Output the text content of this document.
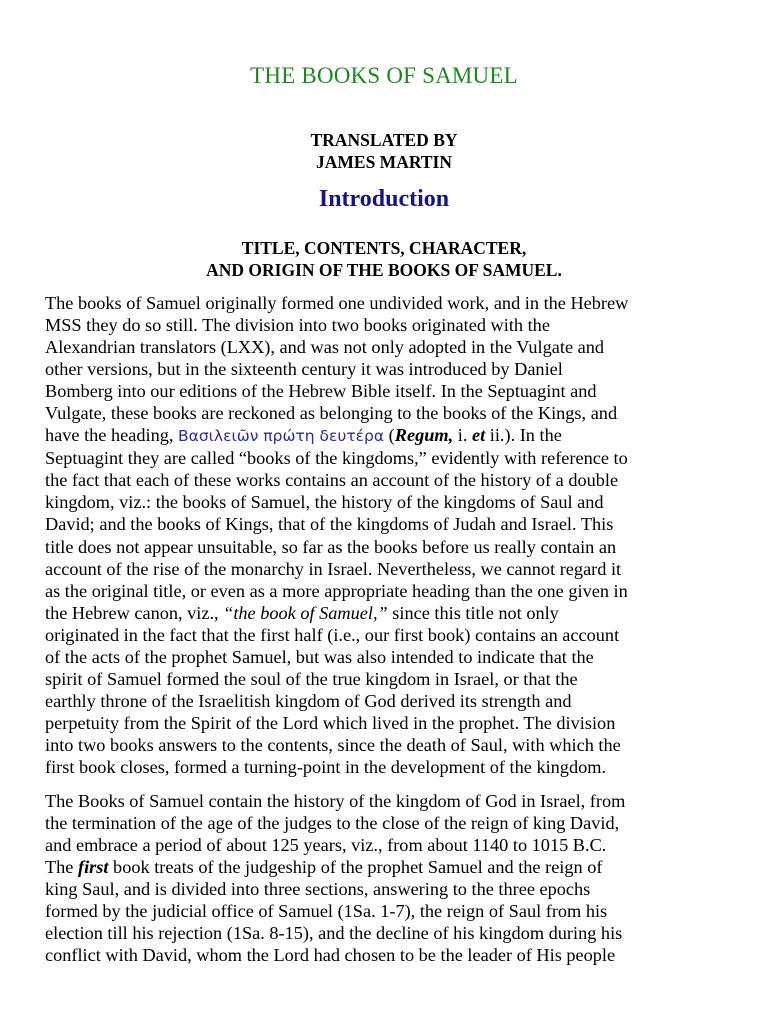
THE BOOKS OF SAMUEL
TRANSLATED BY
JAMES MARTIN
Introduction
TITLE, CONTENTS, CHARACTER,
AND ORIGIN OF THE BOOKS OF SAMUEL.

The books of Samuel originally formed one undivided work, and in the Hebrew
MSS they do so still. The division into two books originated with the
Alexandrian translators (LXX), and was not only adopted in the Vulgate and
other versions, but in the sixteenth century it was introduced by Daniel
Bomberg into our editions of the Hebrew Bible itself. In the Septuagint and
Vulgate, these books are reckoned as belonging to the books of the Kings, and
have the heading, Βασιλειῶν πρώτη δευτέρα (Regum, i. et ii.). In the
Septuagint they are called “books of the kingdoms,” evidently with reference to
the fact that each of these works contains an account of the history of a double
kingdom, viz.: the books of Samuel, the history of the kingdoms of Saul and
David; and the books of Kings, that of the kingdoms of Judah and Israel. This
title does not appear unsuitable, so far as the books before us really contain an
account of the rise of the monarchy in Israel. Nevertheless, we cannot regard it
as the original title, or even as a more appropriate heading than the one given in
the Hebrew canon, viz., “the book of Samuel,” since this title not only
originated in the fact that the first half (i.e., our first book) contains an account
of the acts of the prophet Samuel, but was also intended to indicate that the
spirit of Samuel formed the soul of the true kingdom in Israel, or that the
earthly throne of the Israelitish kingdom of God derived its strength and
perpetuity from the Spirit of the Lord which lived in the prophet. The division
into two books answers to the contents, since the death of Saul, with which the
first book closes, formed a turning-point in the development of the kingdom.

The Books of Samuel contain the history of the kingdom of God in Israel, from
the termination of the age of the judges to the close of the reign of king David,
and embrace a period of about 125 years, viz., from about 1140 to 1015 B.C.
The first book treats of the judgeship of the prophet Samuel and the reign of
king Saul, and is divided into three sections, answering to the three epochs
formed by the judicial office of Samuel (1Sa. 1-7), the reign of Saul from his
election till his rejection (1Sa. 8-15), and the decline of his kingdom during his
conflict with David, whom the Lord had chosen to be the leader of His people
